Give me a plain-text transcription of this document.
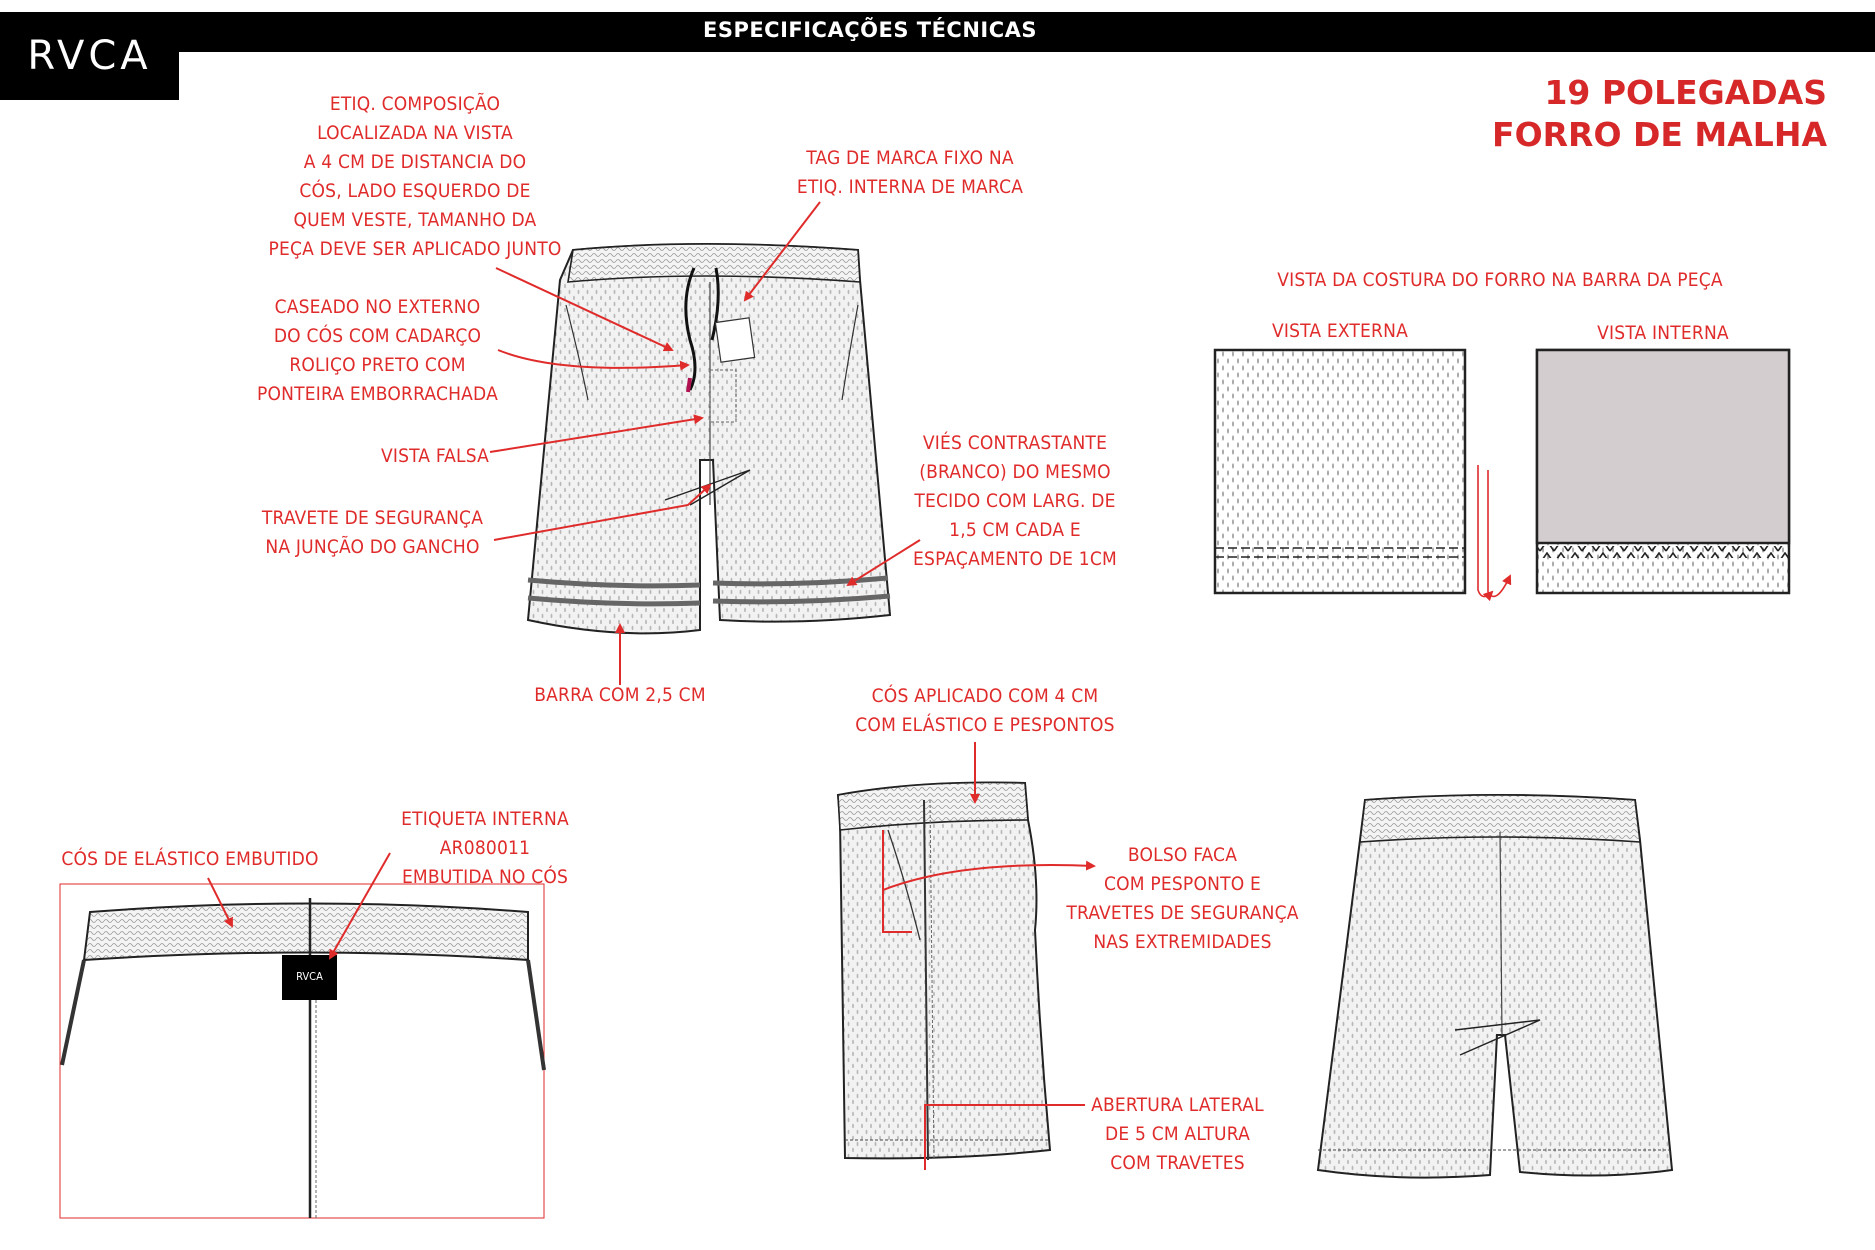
ESPECIFICAÇÕES TÉCNICAS
RVCA
19 POLEGADAS
FORRO DE MALHA
RVCA
ETIQ. COMPOSIÇÃO
LOCALIZADA NA VISTA
A 4 CM DE DISTANCIA DO
CÓS, LADO ESQUERDO DE
QUEM VESTE, TAMANHO DA
PEÇA DEVE SER APLICADO JUNTO
CASEADO NO EXTERNO
DO CÓS COM CADARÇO
ROLIÇO PRETO COM
PONTEIRA EMBORRACHADA
VISTA FALSA
TRAVETE DE SEGURANÇA
NA JUNÇÃO DO GANCHO
BARRA COM 2,5 CM
TAG DE MARCA FIXO NA
ETIQ. INTERNA DE MARCA
VIÉS CONTRASTANTE
(BRANCO) DO MESMO
TECIDO COM LARG. DE
1,5 CM CADA E
ESPAÇAMENTO DE 1CM
VISTA DA COSTURA DO FORRO NA BARRA DA PEÇA
VISTA EXTERNA	VISTA INTERNA
CÓS APLICADO COM 4 CM
COM ELÁSTICO E PESPONTOS
BOLSO FACA
COM PESPONTO E
TRAVETES DE SEGURANÇA
NAS EXTREMIDADES
ABERTURA LATERAL
DE 5 CM ALTURA
COM TRAVETES
ETIQUETA INTERNA AR080011
EMBUTIDA NO CÓS
CÓS DE ELÁSTICO EMBUTIDO
